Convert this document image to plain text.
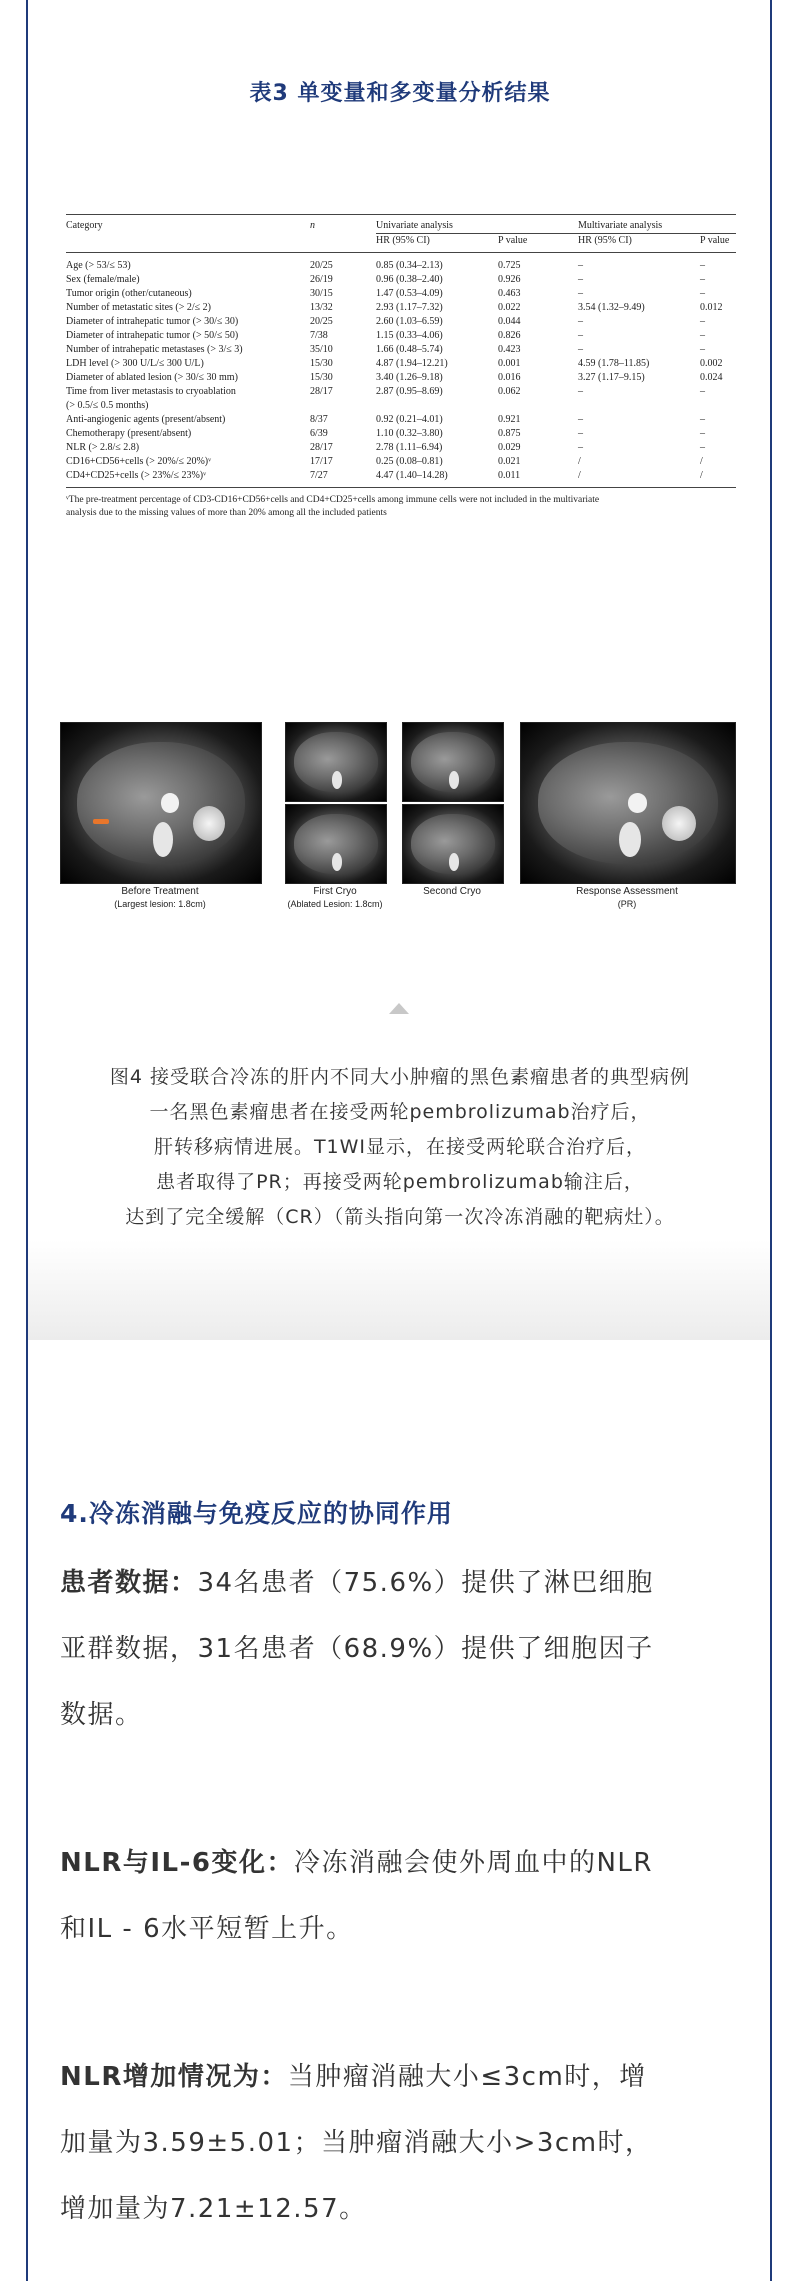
表3 单变量和多变量分析结果
Category	n	Univariate analysis	Multivariate analysis
HR (95% CI)	P value	HR (95% CI)	P value
Age (> 53/≤ 53)	20/25	0.85 (0.34–2.13)	0.725	–	–
Sex (female/male)	26/19	0.96 (0.38–2.40)	0.926	–	–
Tumor origin (other/cutaneous)	30/15	1.47 (0.53–4.09)	0.463	–	–
Number of metastatic sites (> 2/≤ 2)	13/32	2.93 (1.17–7.32)	0.022	3.54 (1.32–9.49)	0.012
Diameter of intrahepatic tumor (> 30/≤ 30)	20/25	2.60 (1.03–6.59)	0.044	–	–
Diameter of intrahepatic tumor (> 50/≤ 50)	7/38	1.15 (0.33–4.06)	0.826	–	–
Number of intrahepatic metastases (> 3/≤ 3)	35/10	1.66 (0.48–5.74)	0.423	–	–
LDH level (> 300 U/L/≤ 300 U/L)	15/30	4.87 (1.94–12.21)	0.001	4.59 (1.78–11.85)	0.002
Diameter of ablated lesion (> 30/≤ 30 mm)	15/30	3.40 (1.26–9.18)	0.016	3.27 (1.17–9.15)	0.024
Time from liver metastasis to cryoablation	28/17	2.87 (0.95–8.69)	0.062	–	–
(> 0.5/≤ 0.5 months)
Anti-angiogenic agents (present/absent)	8/37	0.92 (0.21–4.01)	0.921	–	–
Chemotherapy (present/absent)	6/39	1.10 (0.32–3.80)	0.875	–	–
NLR (> 2.8/≤ 2.8)	28/17	2.78 (1.11–6.94)	0.029	–	–
CD16+CD56+cells (> 20%/≤ 20%)ᵛ	17/17	0.25 (0.08–0.81)	0.021	/	/
CD4+CD25+cells (> 23%/≤ 23%)ᵛ	7/27	4.47 (1.40–14.28)	0.011	/	/
ᵛThe pre-treatment percentage of CD3-CD16+CD56+cells and CD4+CD25+cells among immune cells were not included in the multivariate
analysis due to the missing values of more than 20% among all the included patients
Before Treatment
(Largest lesion: 1.8cm)
First Cryo
(Ablated Lesion: 1.8cm)
Second Cryo	Response Assessment
(PR)
图4 接受联合冷冻的肝内不同大小肿瘤的黑色素瘤患者的典型病例
一名黑色素瘤患者在接受两轮pembrolizumab治疗后，
肝转移病情进展。T1WI显示，在接受两轮联合治疗后，
患者取得了PR；再接受两轮pembrolizumab输注后，
达到了完全缓解（CR）（箭头指向第一次冷冻消融的靶病灶）。
4.冷冻消融与免疫反应的协同作用
患者数据：34名患者（75.6%）提供了淋巴细胞
亚群数据，31名患者（68.9%）提供了细胞因子
数据。
NLR与IL-6变化：冷冻消融会使外周血中的NLR
和IL - 6水平短暂上升。
NLR增加情况为：当肿瘤消融大小≤3cm时，增
加量为3.59±5.01；当肿瘤消融大小>3cm时，
增加量为7.21±12.57。
